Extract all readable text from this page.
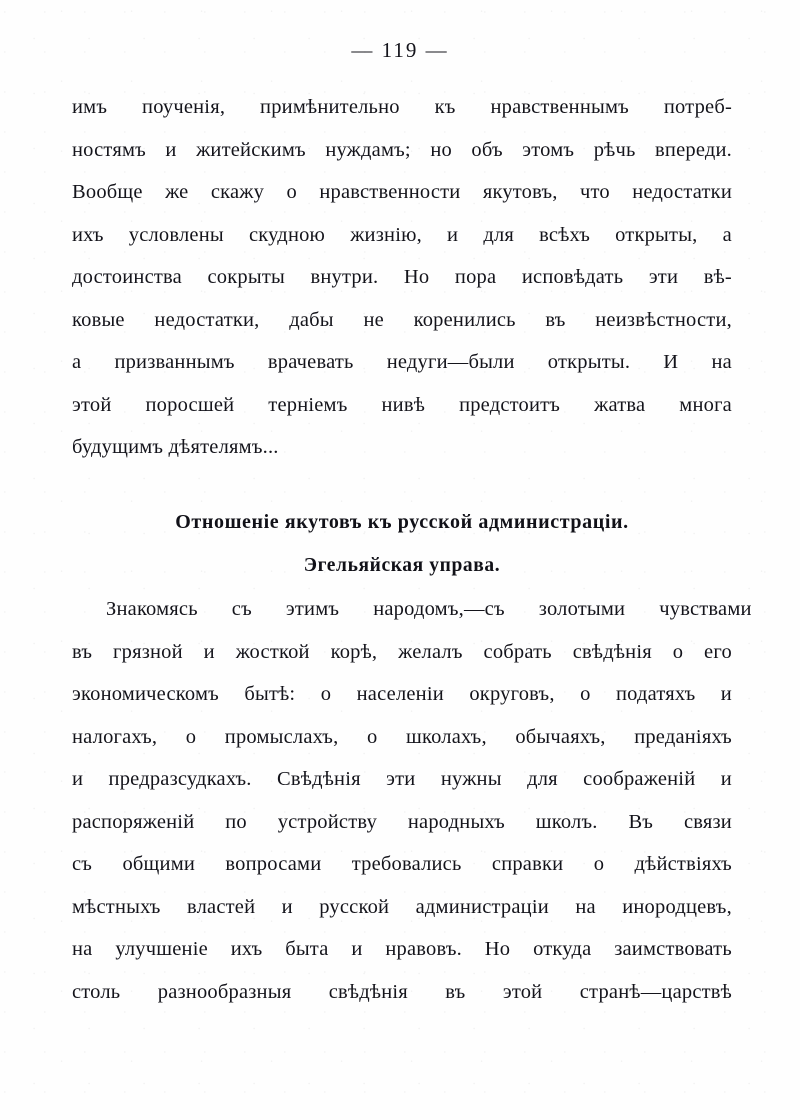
— 119 —
имъ поученія, примѣнительно къ нравственнымъ потреб-
ностямъ и житейскимъ нуждамъ; но объ этомъ рѣчь впереди.
Вообще же скажу о нравственности якутовъ, что недостатки
ихъ условлены скудною жизнію, и для всѣхъ открыты, а
достоинства сокрыты внутри. Но пора исповѣдать эти вѣ-
ковые недостатки, дабы не коренились въ неизвѣстности,
а призваннымъ врачевать недуги—были открыты. И на
этой поросшей терніемъ нивѣ предстоитъ жатва многа
будущимъ дѣятелямъ...
Отношеніе якутовъ къ русской администраціи.
Эгельяйская управа.
Знакомясь	съ	этимъ	народомъ,—съ	золотыми	чувствами
въ грязной и жосткой корѣ, желалъ собрать свѣдѣнія о его
экономическомъ бытѣ: о населеніи округовъ, о податяхъ и
налогахъ, о промыслахъ, о школахъ, обычаяхъ, преданіяхъ
и предразсудкахъ. Свѣдѣнія эти нужны для соображеній и
распоряженій по устройству народныхъ школъ. Въ связи
съ общими вопросами требовались справки о дѣйствіяхъ
мѣстныхъ властей и русской администраціи на инородцевъ,
на улучшеніе ихъ быта и нравовъ. Но откуда заимствовать
столь разнообразныя свѣдѣнія въ этой странѣ—царствѣ
